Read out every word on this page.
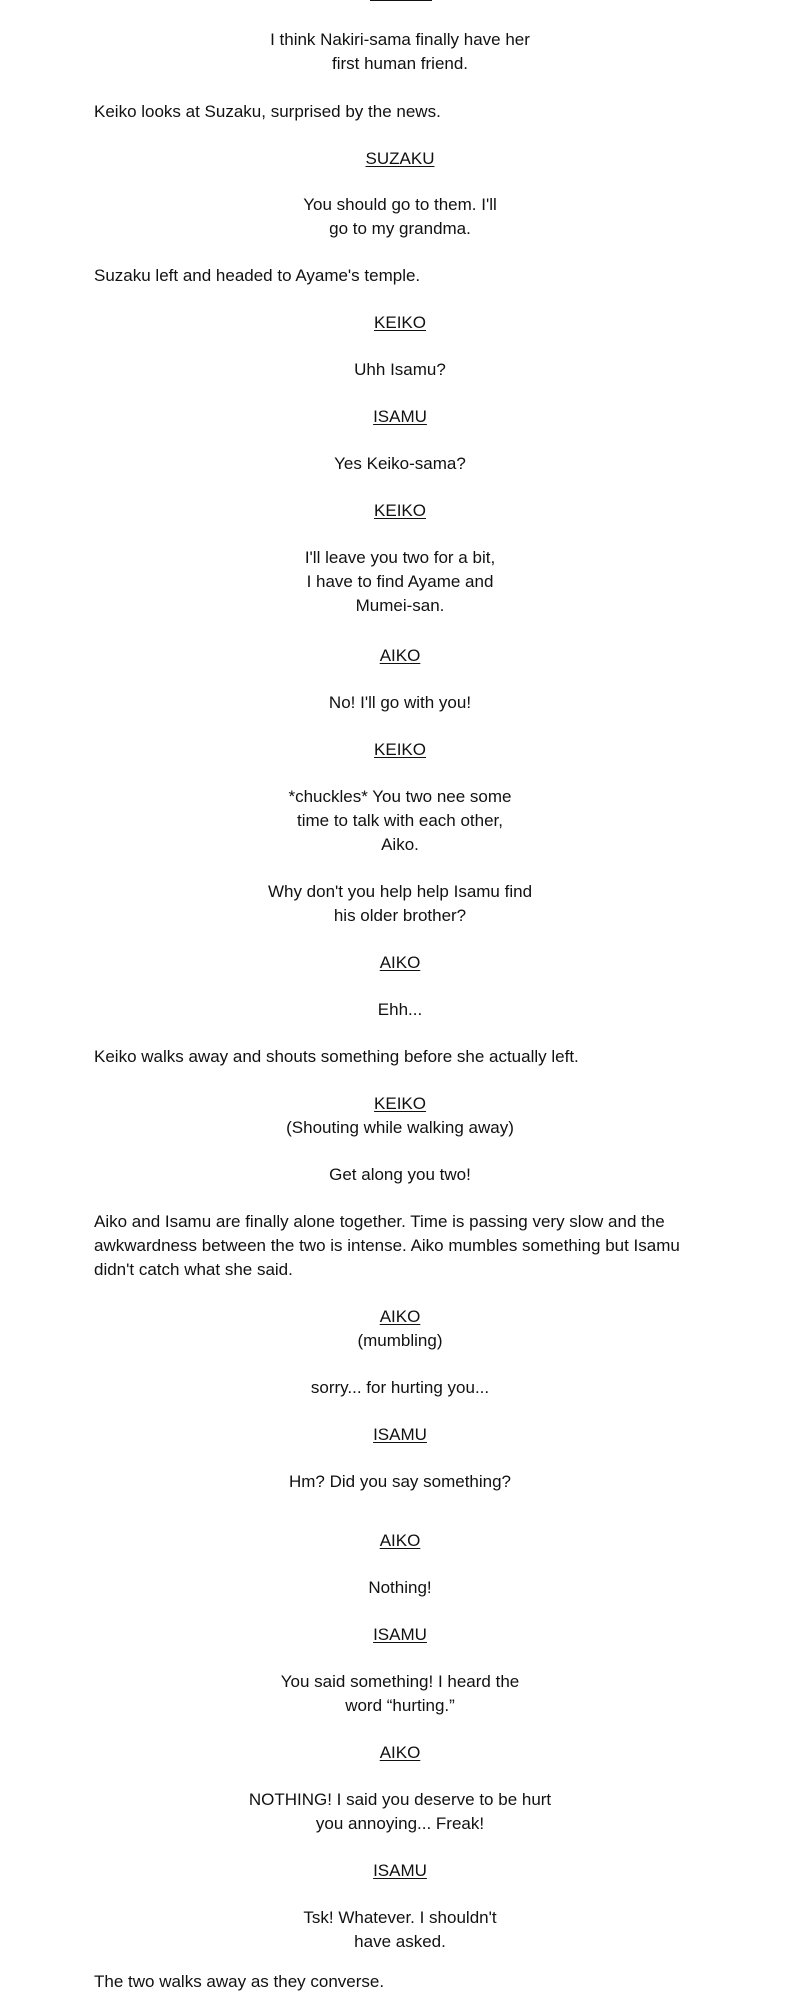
I think Nakiri-sama finally have her
first human friend.
Keiko looks at Suzaku, surprised by the news.
SUZAKU
You should go to them. I'll
go to my grandma.
Suzaku left and headed to Ayame's temple.
KEIKO
Uhh Isamu?
ISAMU
Yes Keiko-sama?
KEIKO
I'll leave you two for a bit,
I have to find Ayame and
Mumei-san.
AIKO
No! I'll go with you!
KEIKO
*chuckles* You two nee some
time to talk with each other,
Aiko.
Why don't you help help Isamu find
his older brother?
AIKO
Ehh...
Keiko walks away and shouts something before she actually left.
KEIKO
(Shouting while walking away)
Get along you two!
Aiko and Isamu are finally alone together. Time is passing very slow and the
awkwardness between the two is intense. Aiko mumbles something but Isamu
didn't catch what she said.
AIKO
(mumbling)
sorry... for hurting you...
ISAMU
Hm? Did you say something?
AIKO
Nothing!
ISAMU
You said something! I heard the
word “hurting.”
AIKO
NOTHING! I said you deserve to be hurt
you annoying... Freak!
ISAMU
Tsk! Whatever. I shouldn't
have asked.
The two walks away as they converse.
